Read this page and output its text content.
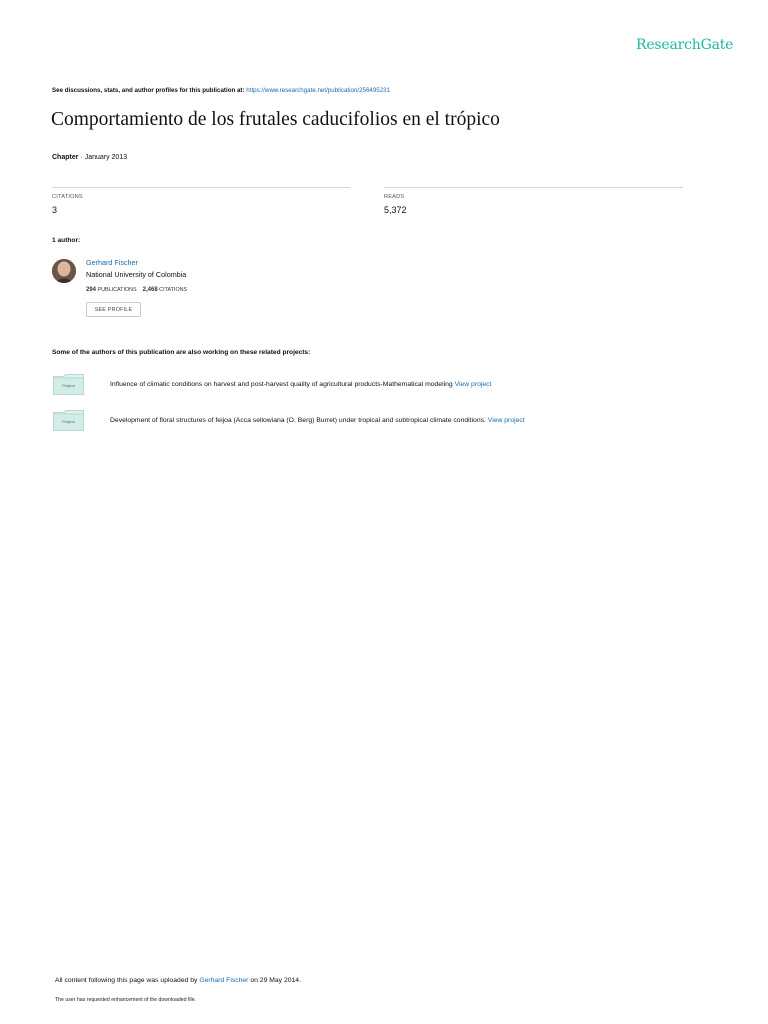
ResearchGate
See discussions, stats, and author profiles for this publication at: https://www.researchgate.net/publication/256495231
Comportamiento de los frutales caducifolios en el trópico
Chapter · January 2013
CITATIONS
3
READS
5,372
1 author:
Gerhard Fischer
National University of Colombia
294 PUBLICATIONS 2,468 CITATIONS
SEE PROFILE
Some of the authors of this publication are also working on these related projects:
Project	Influence of climatic conditions on harvest and post-harvest quality of agricultural products-Mathematical modeling View project
Project	Development of floral structures of feijoa (Acca sellowiana (O. Berg) Burret) under tropical and subtropical climate conditions. View project
All content following this page was uploaded by Gerhard Fischer on 29 May 2014.
The user has requested enhancement of the downloaded file.
